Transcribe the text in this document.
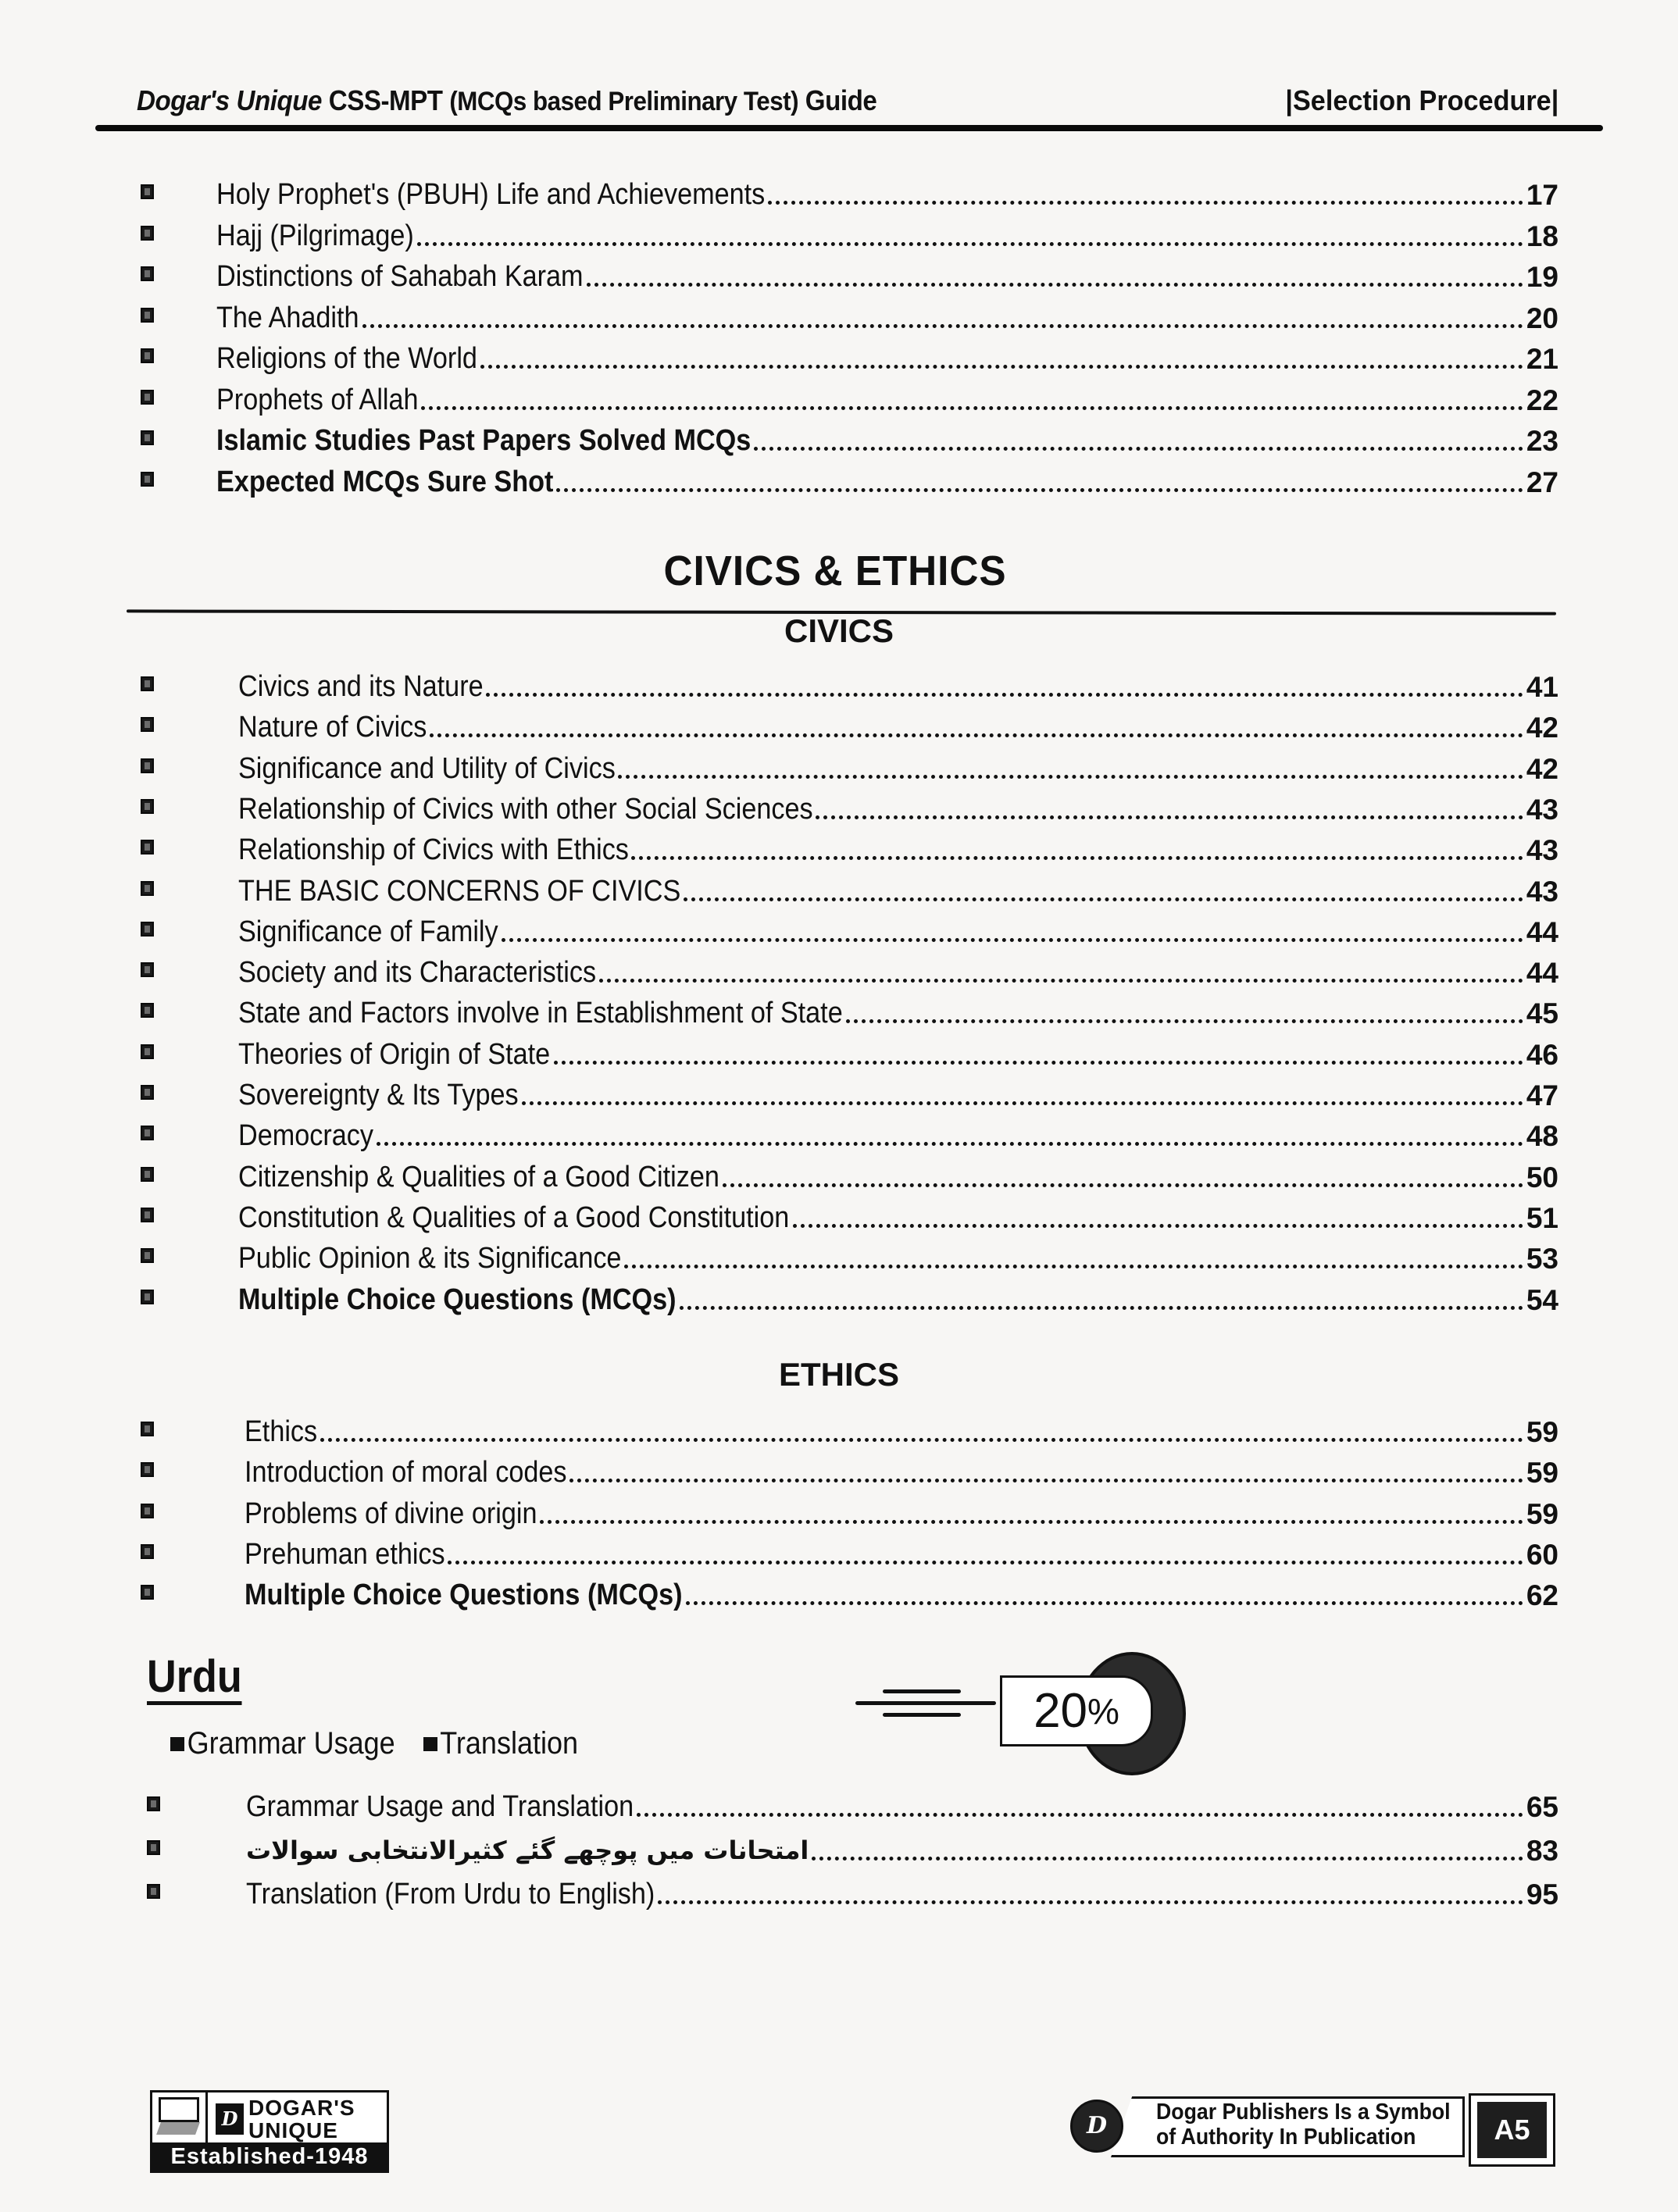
Dogar's Unique CSS-MPT (MCQs based Preliminary Test) Guide	|Selection Procedure|
Holy Prophet's (PBUH) Life and Achievements	17
Hajj (Pilgrimage)	18
Distinctions of Sahabah Karam	19
The Ahadith	20
Religions of the World	21
Prophets of Allah	22
Islamic Studies Past Papers Solved MCQs	23
Expected MCQs Sure Shot	27
CIVICS & ETHICS
CIVICS
Civics and its Nature	41
Nature of Civics	42
Significance and Utility of Civics	42
Relationship of Civics with other Social Sciences	43
Relationship of Civics with Ethics	43
THE BASIC CONCERNS OF CIVICS	43
Significance of Family	44
Society and its Characteristics	44
State and Factors involve in Establishment of State	45
Theories of Origin of State	46
Sovereignty & Its Types	47
Democracy	48
Citizenship & Qualities of a Good Citizen	50
Constitution & Qualities of a Good Constitution	51
Public Opinion & its Significance	53
Multiple Choice Questions (MCQs)	54
ETHICS
Ethics	59
Introduction of moral codes	59
Problems of divine origin	59
Prehuman ethics	60
Multiple Choice Questions (MCQs)	62
Urdu
Grammar Usage Translation
20 %
Grammar Usage and Translation	65
امتحانات میں پوچھے گئے کثیرالانتخابی سوالات	83
Translation (From Urdu to English)	95
D DOGAR'S
UNIQUE
Established-1948
D	Dogar Publishers Is a Symbol
of Authority In Publication	A5
